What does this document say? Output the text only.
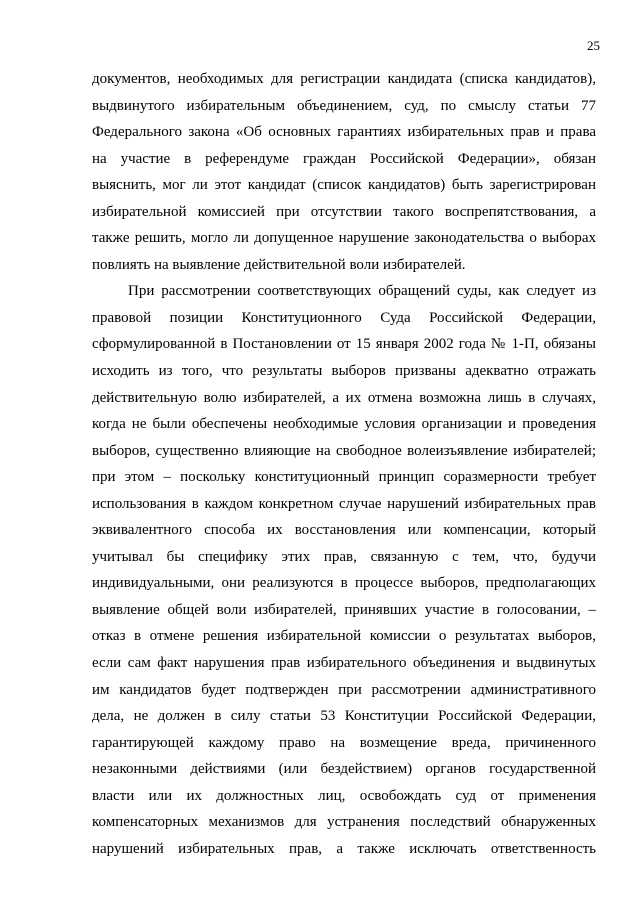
25
документов, необходимых для регистрации кандидата (списка кандидатов),
выдвинутого избирательным объединением, суд, по смыслу статьи 77
Федерального закона «Об основных гарантиях избирательных прав и права
на участие в референдуме граждан Российской Федерации», обязан
выяснить, мог ли этот кандидат (список кандидатов) быть зарегистрирован
избирательной комиссией при отсутствии такого воспрепятствования, а
также решить, могло ли допущенное нарушение законодательства о выборах
повлиять на выявление действительной воли избирателей.
При рассмотрении соответствующих обращений суды, как следует из
правовой позиции Конституционного Суда Российской Федерации,
сформулированной в Постановлении от 15 января 2002 года № 1-П, обязаны
исходить из того, что результаты выборов призваны адекватно отражать
действительную волю избирателей, а их отмена возможна лишь в случаях,
когда не были обеспечены необходимые условия организации и проведения
выборов, существенно влияющие на свободное волеизъявление избирателей;
при этом – поскольку конституционный принцип соразмерности требует
использования в каждом конкретном случае нарушений избирательных прав
эквивалентного способа их восстановления или компенсации, который
учитывал бы специфику этих прав, связанную с тем, что, будучи
индивидуальными, они реализуются в процессе выборов, предполагающих
выявление общей воли избирателей, принявших участие в голосовании, –
отказ в отмене решения избирательной комиссии о результатах выборов,
если сам факт нарушения прав избирательного объединения и выдвинутых
им кандидатов будет подтвержден при рассмотрении административного
дела, не должен в силу статьи 53 Конституции Российской Федерации,
гарантирующей каждому право на возмещение вреда, причиненного
незаконными действиями (или бездействием) органов государственной
власти или их должностных лиц, освобождать суд от применения
компенсаторных механизмов для устранения последствий обнаруженных
нарушений избирательных прав, а также исключать ответственность
